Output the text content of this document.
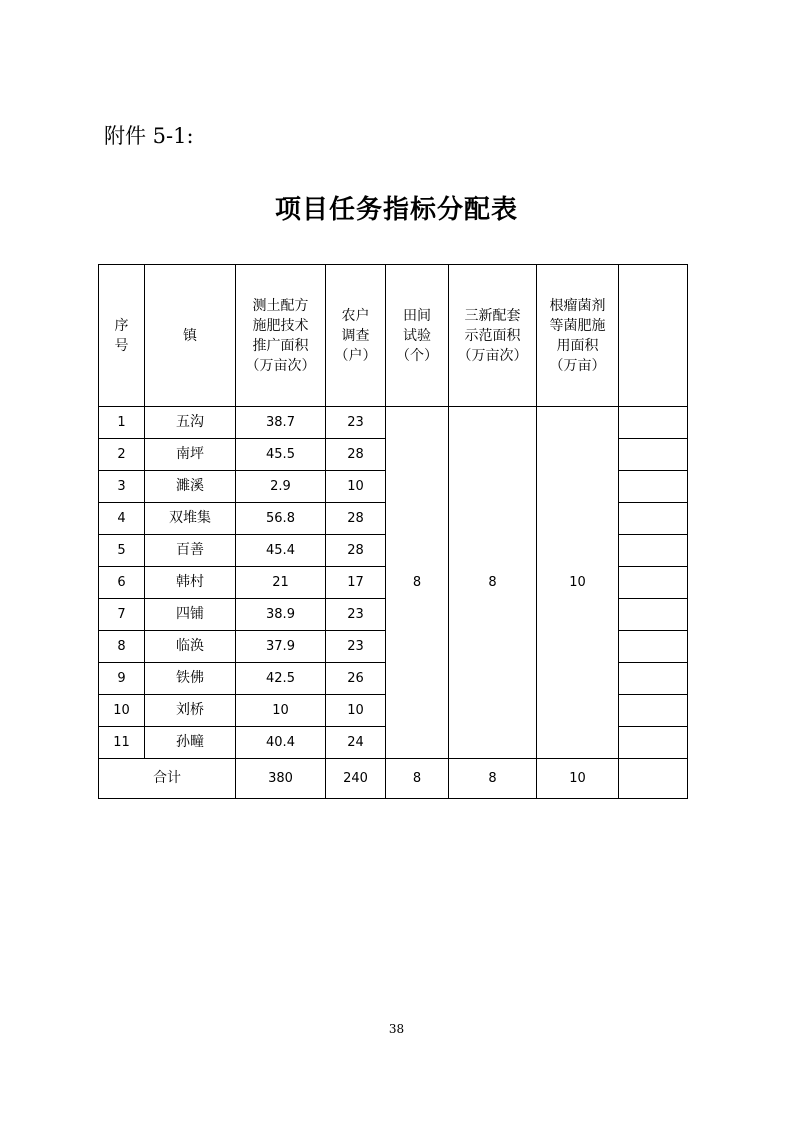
附件 5-1:
项目任务指标分配表
序
号	镇	测土配方
施肥技术
推广面积
（万亩次）	农户
调查
（户）	田间
试验
（个）	三新配套
示范面积
（万亩次）	根瘤菌剂
等菌肥施
用面积
（万亩）	

1	五沟	38.7	23	8	8	10	
2	南坪	45.5	28				
3	濉溪	2.9	10				
4	双堆集	56.8	28				
5	百善	45.4	28				
6	韩村	21	17				
7	四铺	38.9	23				
8	临涣	37.9	23				
9	铁佛	42.5	26				
10	刘桥	10	10				
11	孙疃	40.4	24				
合计		380	240	8	8	10	
38
